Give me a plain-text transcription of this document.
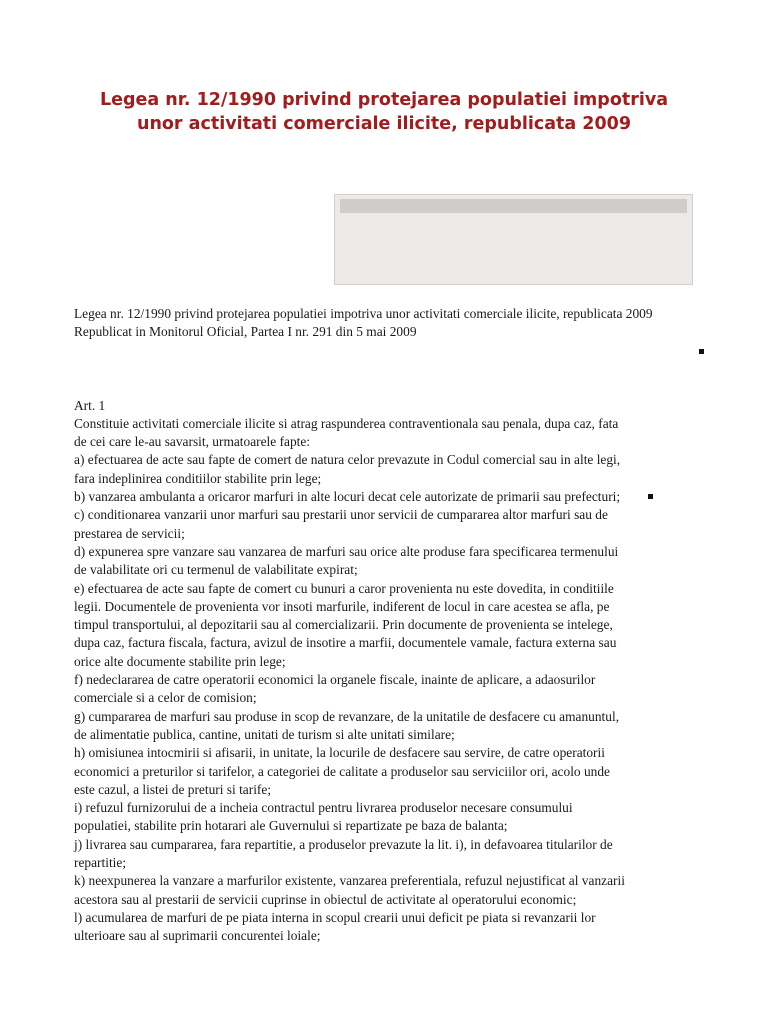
Legea nr. 12/1990 privind protejarea populatiei impotriva
unor activitati comerciale ilicite, republicata 2009

Legea nr. 12/1990 privind protejarea populatiei impotriva unor activitati comerciale ilicite, republicata 2009

Republicat in Monitorul Oficial, Partea I nr. 291 din 5 mai 2009

Art. 1

Constituie activitati comerciale ilicite si atrag raspunderea contraventionala sau penala, dupa caz, fata

de cei care le-au savarsit, urmatoarele fapte:

a) efectuarea de acte sau fapte de comert de natura celor prevazute in Codul comercial sau in alte legi,

fara indeplinirea conditiilor stabilite prin lege;

b) vanzarea ambulanta a oricaror marfuri in alte locuri decat cele autorizate de primarii sau prefecturi;

c) conditionarea vanzarii unor marfuri sau prestarii unor servicii de cumpararea altor marfuri sau de

prestarea de servicii;

d) expunerea spre vanzare sau vanzarea de marfuri sau orice alte produse fara specificarea termenului

de valabilitate ori cu termenul de valabilitate expirat;

e) efectuarea de acte sau fapte de comert cu bunuri a caror provenienta nu este dovedita, in conditiile

legii. Documentele de provenienta vor insoti marfurile, indiferent de locul in care acestea se afla, pe

timpul transportului, al depozitarii sau al comercializarii. Prin documente de provenienta se intelege,

dupa caz, factura fiscala, factura, avizul de insotire a marfii, documentele vamale, factura externa sau

orice alte documente stabilite prin lege;

f) nedeclararea de catre operatorii economici la organele fiscale, inainte de aplicare, a adaosurilor

comerciale si a celor de comision;

g) cumpararea de marfuri sau produse in scop de revanzare, de la unitatile de desfacere cu amanuntul,

de alimentatie publica, cantine, unitati de turism si alte unitati similare;

h) omisiunea intocmirii si afisarii, in unitate, la locurile de desfacere sau servire, de catre operatorii

economici a preturilor si tarifelor, a categoriei de calitate a produselor sau serviciilor ori, acolo unde

este cazul, a listei de preturi si tarife;

i) refuzul furnizorului de a incheia contractul pentru livrarea produselor necesare consumului

populatiei, stabilite prin hotarari ale Guvernului si repartizate pe baza de balanta;

j) livrarea sau cumpararea, fara repartitie, a produselor prevazute la lit. i), in defavoarea titularilor de

repartitie;

k) neexpunerea la vanzare a marfurilor existente, vanzarea preferentiala, refuzul nejustificat al vanzarii

acestora sau al prestarii de servicii cuprinse in obiectul de activitate al operatorului economic;

l) acumularea de marfuri de pe piata interna in scopul crearii unui deficit pe piata si revanzarii lor

ulterioare sau al suprimarii concurentei loiale;
